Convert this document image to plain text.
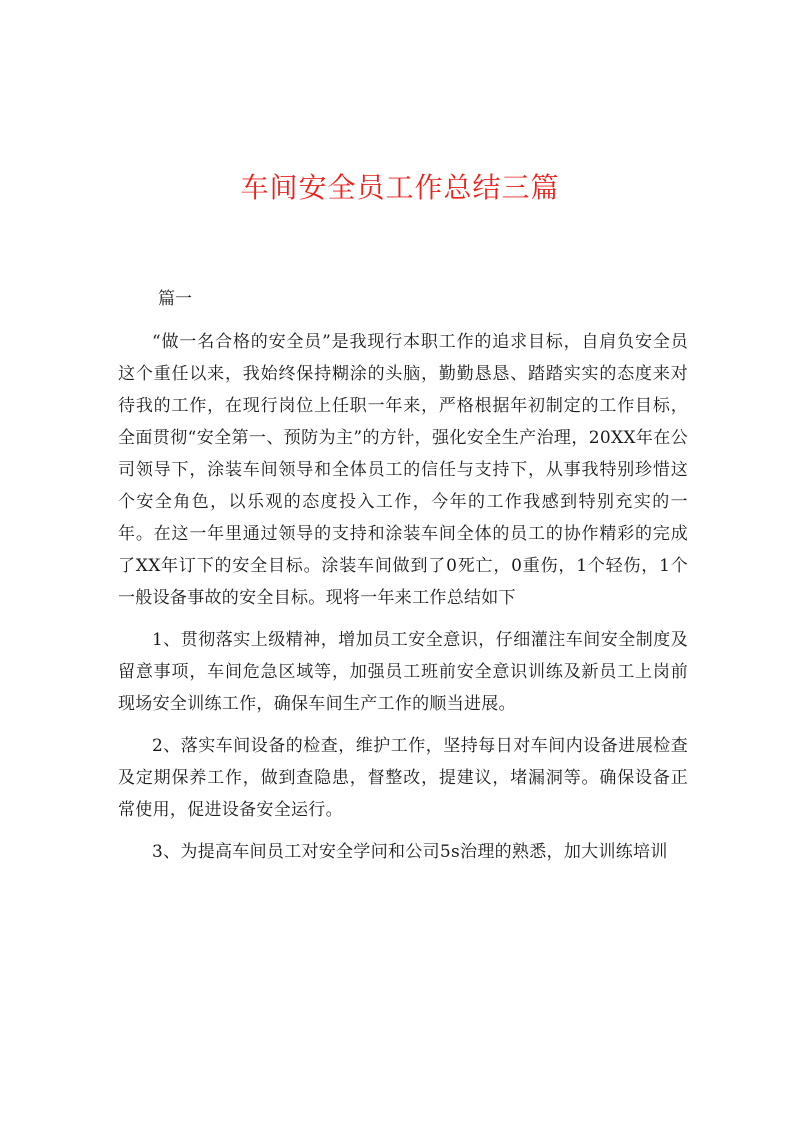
车间安全员工作总结三篇
篇一

“做一名合格的安全员”是我现行本职工作的追求目标，自肩负安全员这个重任以来，我始终保持糊涂的头脑，勤勤恳恳、踏踏实实的态度来对待我的工作，在现行岗位上任职一年来，严格根据年初制定的工作目标，全面贯彻“安全第一、预防为主”的方针，强化安全生产治理，20XX年在公司领导下，涂装车间领导和全体员工的信任与支持下，从事我特别珍惜这个安全角色，以乐观的态度投入工作，今年的工作我感到特别充实的一年。在这一年里通过领导的支持和涂装车间全体的员工的协作精彩的完成了XX年订下的安全目标。涂装车间做到了0死亡，0重伤，1个轻伤，1个一般设备事故的安全目标。现将一年来工作总结如下

1、贯彻落实上级精神，增加员工安全意识，仔细灌注车间安全制度及留意事项，车间危急区域等，加强员工班前安全意识训练及新员工上岗前现场安全训练工作，确保车间生产工作的顺当进展。

2、落实车间设备的检查，维护工作，坚持每日对车间内设备进展检查及定期保养工作，做到查隐患，督整改，提建议，堵漏洞等。确保设备正常使用，促进设备安全运行。

3、为提高车间员工对安全学问和公司5s治理的熟悉，加大训练培训
